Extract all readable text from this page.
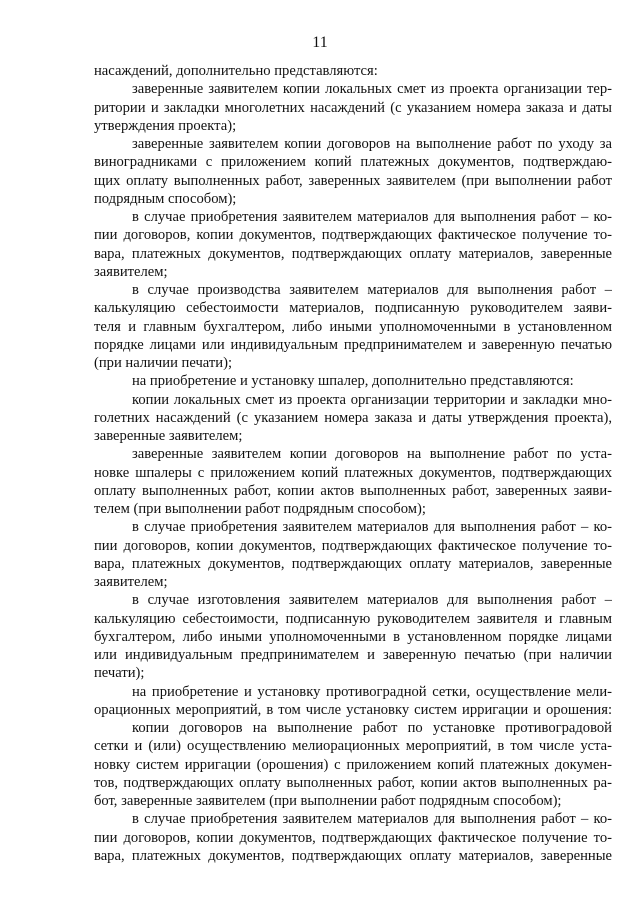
11
насаждений, дополнительно представляются:
заверенные заявителем копии локальных смет из проекта организации тер-
ритории и закладки многолетних насаждений (с указанием номера заказа и даты
утверждения проекта);
заверенные заявителем копии договоров на выполнение работ по уходу за
виноградниками с приложением копий платежных документов, подтверждаю-
щих оплату выполненных работ, заверенных заявителем (при выполнении работ
подрядным способом);
в случае приобретения заявителем материалов для выполнения работ – ко-
пии договоров, копии документов, подтверждающих фактическое получение то-
вара, платежных документов, подтверждающих оплату материалов, заверенные
заявителем;
в случае производства заявителем материалов для выполнения работ –
калькуляцию себестоимости материалов, подписанную руководителем заяви-
теля и главным бухгалтером, либо иными уполномоченными в установленном
порядке лицами или индивидуальным предпринимателем и заверенную печатью
(при наличии печати);
на приобретение и установку шпалер, дополнительно представляются:
копии локальных смет из проекта организации территории и закладки мно-
голетних насаждений (с указанием номера заказа и даты утверждения проекта),
заверенные заявителем;
заверенные заявителем копии договоров на выполнение работ по уста-
новке шпалеры с приложением копий платежных документов, подтверждающих
оплату выполненных работ, копии актов выполненных работ, заверенных заяви-
телем (при выполнении работ подрядным способом);
в случае приобретения заявителем материалов для выполнения работ – ко-
пии договоров, копии документов, подтверждающих фактическое получение то-
вара, платежных документов, подтверждающих оплату материалов, заверенные
заявителем;
в случае изготовления заявителем материалов для выполнения работ –
калькуляцию себестоимости, подписанную руководителем заявителя и главным
бухгалтером, либо иными уполномоченными в установленном порядке лицами
или индивидуальным предпринимателем и заверенную печатью (при наличии
печати);
на приобретение и установку противоградной сетки, осуществление мели-
орационных мероприятий, в том числе установку систем ирригации и орошения:
копии договоров на выполнение работ по установке противоградовой
сетки и (или) осуществлению мелиорационных мероприятий, в том числе уста-
новку систем ирригации (орошения) с приложением копий платежных докумен-
тов, подтверждающих оплату выполненных работ, копии актов выполненных ра-
бот, заверенные заявителем (при выполнении работ подрядным способом);
в случае приобретения заявителем материалов для выполнения работ – ко-
пии договоров, копии документов, подтверждающих фактическое получение то-
вара, платежных документов, подтверждающих оплату материалов, заверенные
